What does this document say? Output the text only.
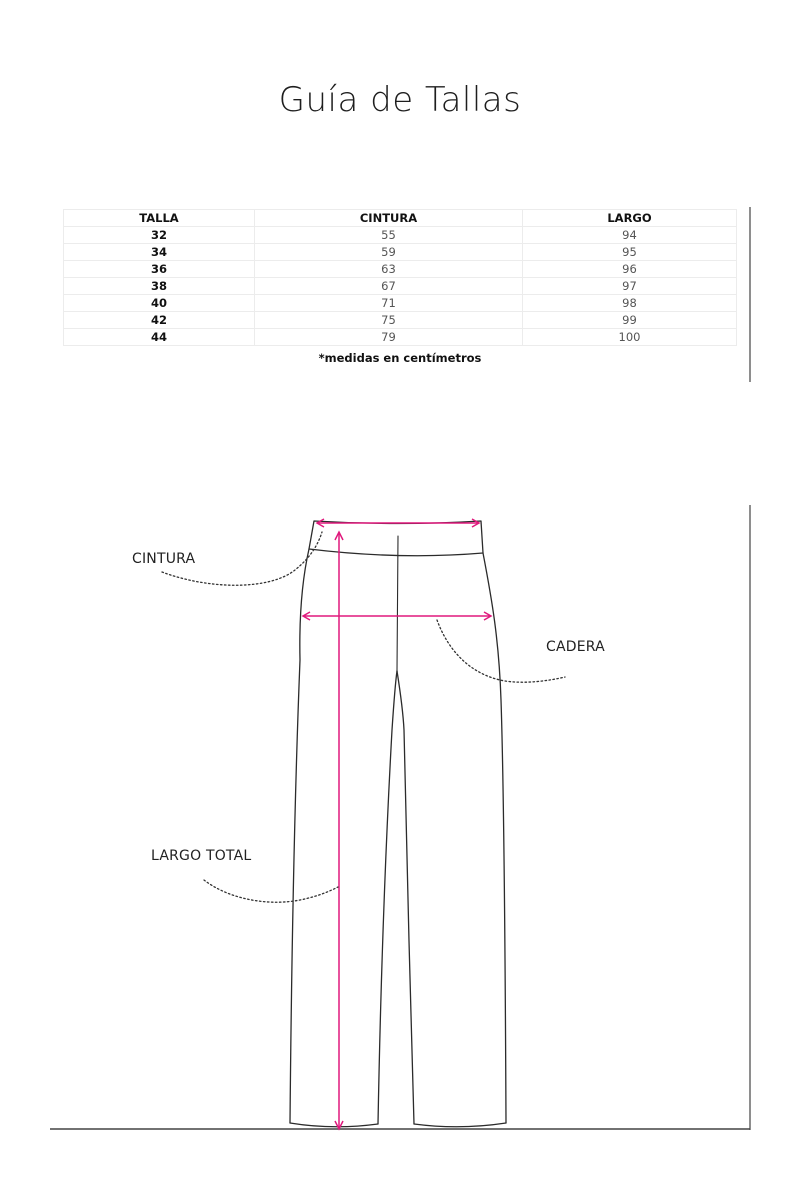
Guía de Tallas
TALLA	CINTURA	LARGO
32	55	94
34	59	95
36	63	96
38	67	97
40	71	98
42	75	99
44	79	100
*medidas en centímetros
CINTURA
CADERA
LARGO TOTAL
